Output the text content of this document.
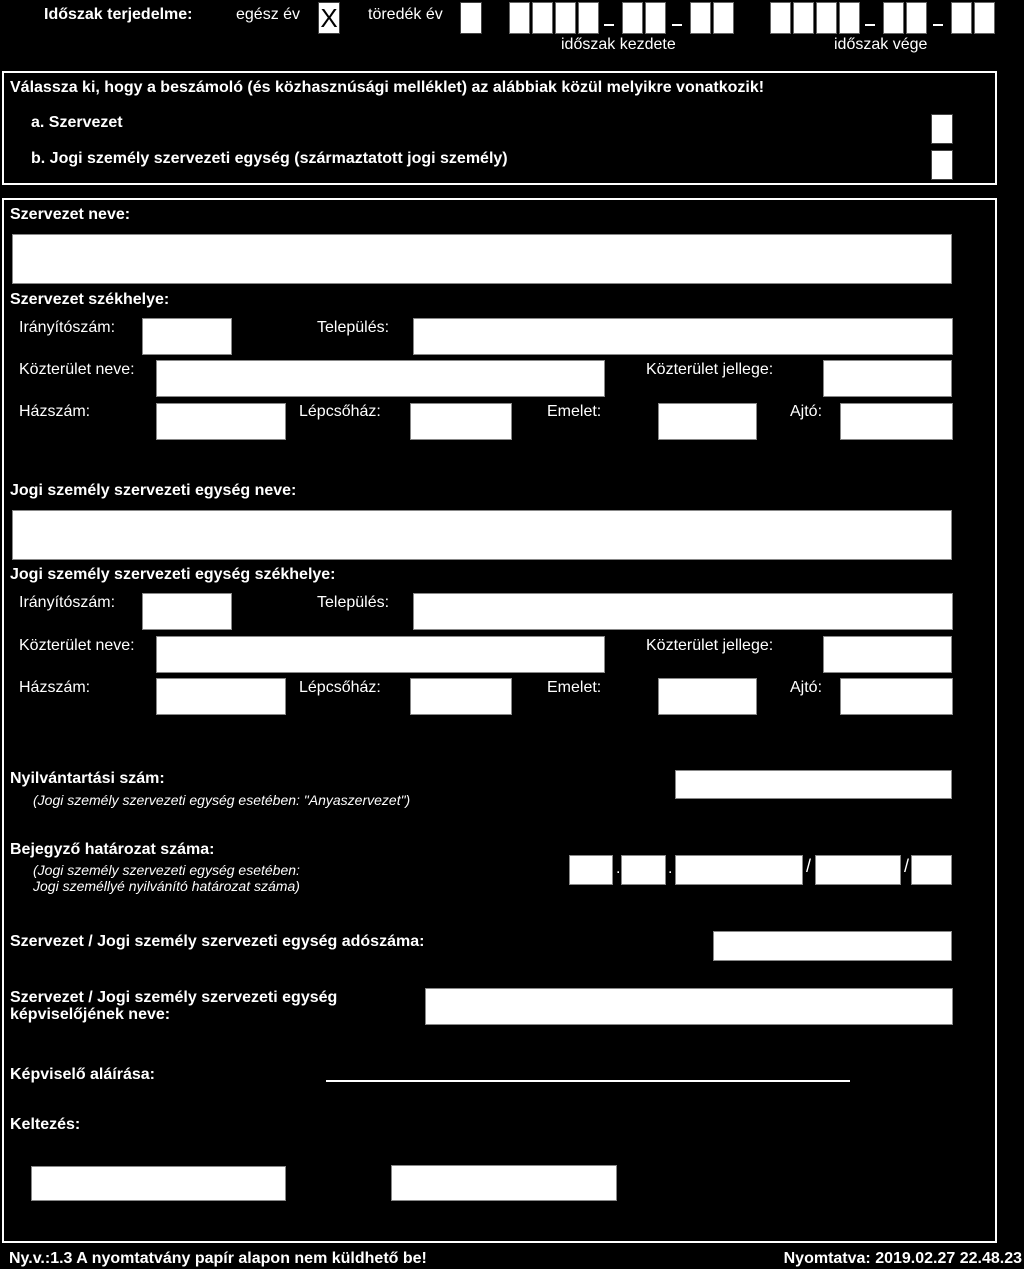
Időszak terjedelme:	egész év X töredék év
időszak kezdete	időszak vége
Válassza ki, hogy a beszámoló (és közhasznúsági melléklet) az alábbiak közül melyikre vonatkozik!
a. Szervezet
b. Jogi személy szervezeti egység (származtatott jogi személy)
Szervezet neve:
Szervezet székhelye:
Irányítószám:	Település:
Közterület neve:	Közterület jellege:
Házszám:	Lépcsőház:	Emelet:	Ajtó:
Jogi személy szervezeti egység neve:
Jogi személy szervezeti egység székhelye:
Irányítószám:	Település:
Közterület neve:	Közterület jellege:
Házszám:	Lépcsőház:	Emelet:	Ajtó:
Nyilvántartási szám:
(Jogi személy szervezeti egység esetében: "Anyaszervezet")
Bejegyző határozat száma:
(Jogi személy szervezeti egység esetében:
Jogi személlyé nyilvánító határozat száma)
.	.	/	/
Szervezet / Jogi személy szervezeti egység adószáma:
Szervezet / Jogi személy szervezeti egység
képviselőjének neve:
Képviselő aláírása:
Keltezés:
Ny.v.:1.3 A nyomtatvány papír alapon nem küldhető be!	Nyomtatva: 2019.02.27 22.48.23
